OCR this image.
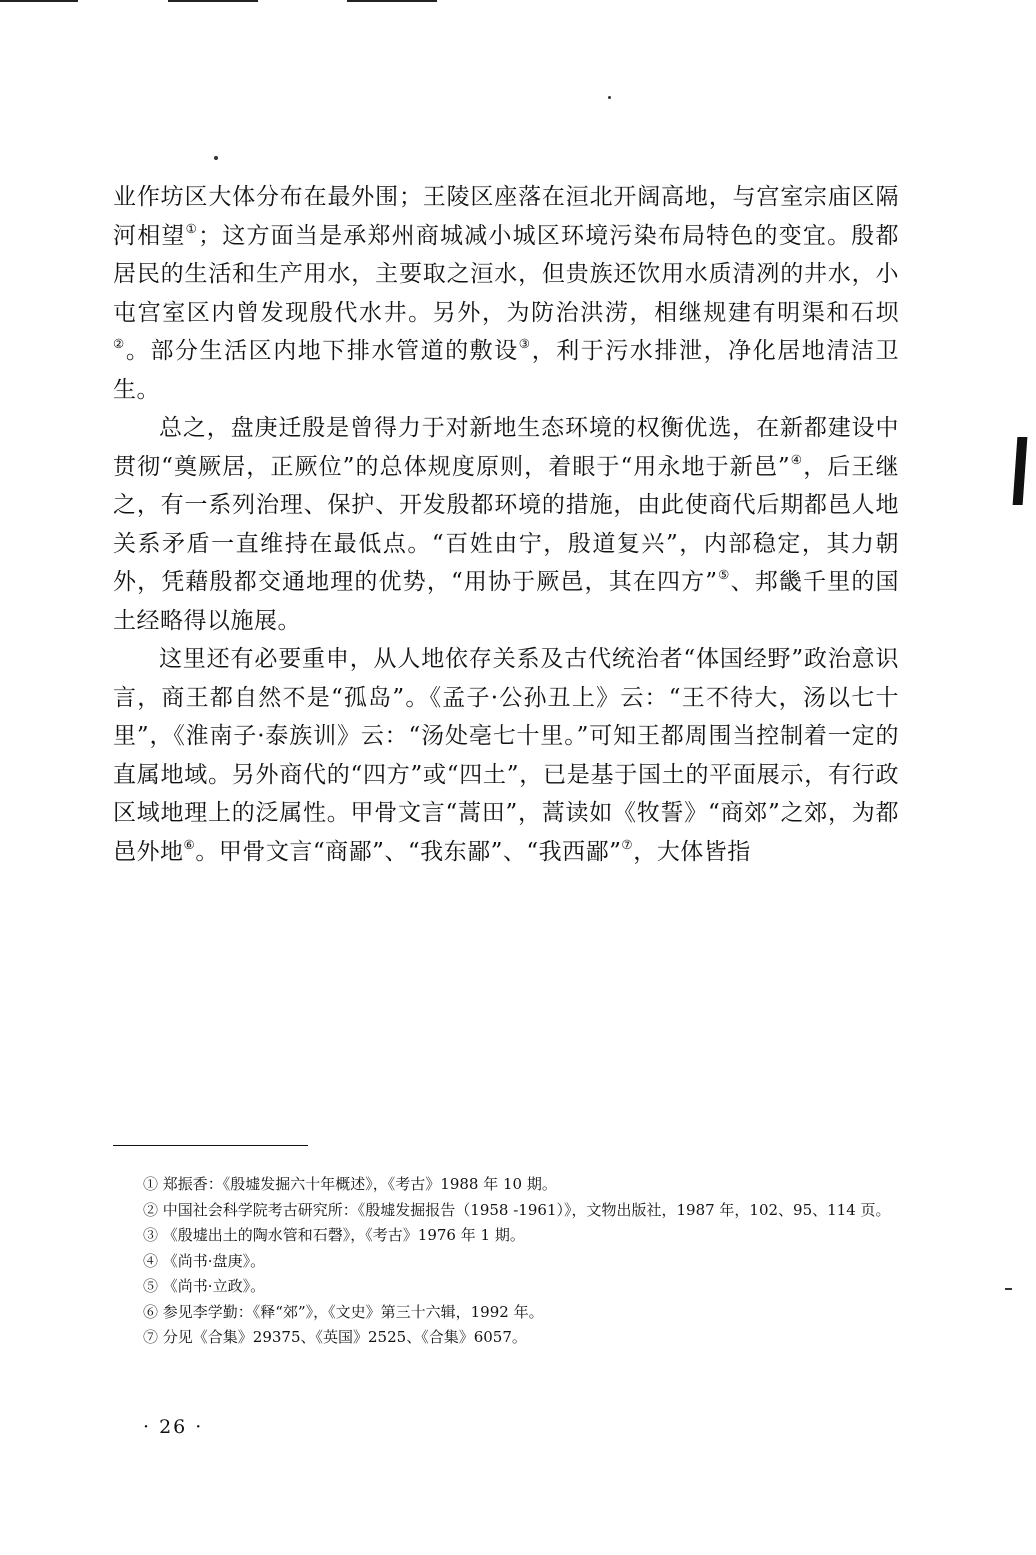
业作坊区大体分布在最外围；王陵区座落在洹北开阔高地，与宫室宗庙区隔河相望①；这方面当是承郑州商城减小城区环境污染布局特色的变宜。殷都居民的生活和生产用水，主要取之洹水，但贵族还饮用水质清冽的井水，小屯宫室区内曾发现殷代水井。另外，为防治洪涝，相继规建有明渠和石坝②。部分生活区内地下排水管道的敷设③，利于污水排泄，净化居地清洁卫生。

总之，盘庚迁殷是曾得力于对新地生态环境的权衡优选，在新都建设中贯彻“奠厥居，正厥位”的总体规度原则，着眼于“用永地于新邑”④，后王继之，有一系列治理、保护、开发殷都环境的措施，由此使商代后期都邑人地关系矛盾一直维持在最低点。“百姓由宁，殷道复兴”，内部稳定，其力朝外，凭藉殷都交通地理的优势，“用协于厥邑，其在四方”⑤、邦畿千里的国土经略得以施展。

这里还有必要重申，从人地依存关系及古代统治者“体国经野”政治意识言，商王都自然不是“孤岛”。《孟子·公孙丑上》云：“王不待大，汤以七十里”，《淮南子·泰族训》云：“汤处亳七十里。”可知王都周围当控制着一定的直属地域。另外商代的“四方”或“四土”，已是基于国土的平面展示，有行政区域地理上的泛属性。甲骨文言“蒿田”，蒿读如《牧誓》“商郊”之郊，为都邑外地⑥。甲骨文言“商鄙”、“我东鄙”、“我西鄙”⑦，大体皆指

① 郑振香：《殷墟发掘六十年概述》，《考古》1988 年 10 期。

② 中国社会科学院考古研究所：《殷墟发掘报告（1958 -1961）》，文物出版社，1987 年，102、95、114 页。

③ 《殷墟出土的陶水管和石磬》，《考古》1976 年 1 期。

④ 《尚书·盘庚》。

⑤ 《尚书·立政》。

⑥ 参见李学勤：《释“郊”》，《文史》第三十六辑，1992 年。

⑦ 分见《合集》29375、《英国》2525、《合集》6057。

· 26 ·
